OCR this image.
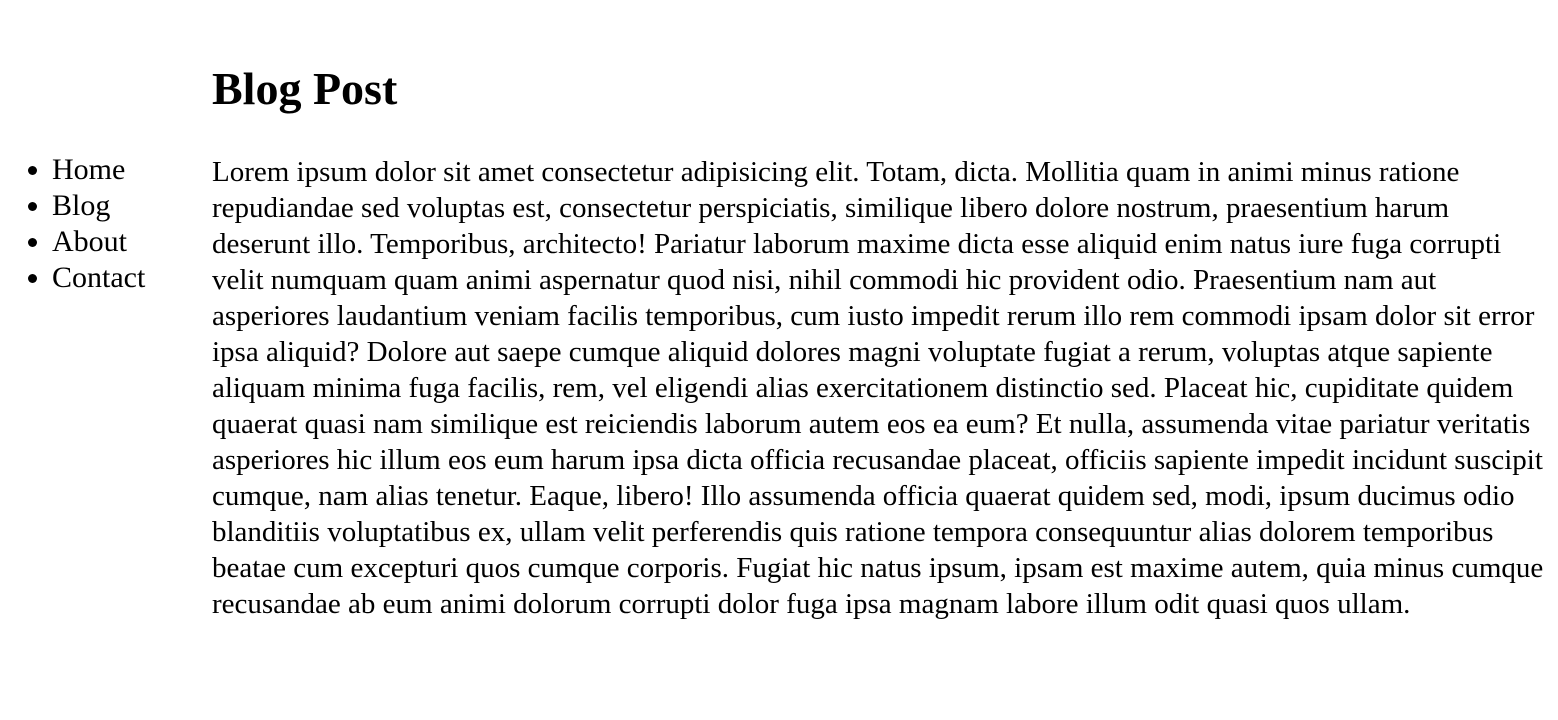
• Home
• Blog
• About
• Contact
Blog Post

Lorem ipsum dolor sit amet consectetur adipisicing elit. Totam, dicta. Mollitia quam in animi minus ratione repudiandae sed voluptas est, consectetur perspiciatis, similique libero dolore nostrum, praesentium harum deserunt illo. Temporibus, architecto! Pariatur laborum maxime dicta esse aliquid enim natus iure fuga corrupti velit numquam quam animi aspernatur quod nisi, nihil commodi hic provident odio. Praesentium nam aut asperiores laudantium veniam facilis temporibus, cum iusto impedit rerum illo rem commodi ipsam dolor sit error ipsa aliquid? Dolore aut saepe cumque aliquid dolores magni voluptate fugiat a rerum, voluptas atque sapiente aliquam minima fuga facilis, rem, vel eligendi alias exercitationem distinctio sed. Placeat hic, cupiditate quidem quaerat quasi nam similique est reiciendis laborum autem eos ea eum? Et nulla, assumenda vitae pariatur veritatis asperiores hic illum eos eum harum ipsa dicta officia recusandae placeat, officiis sapiente impedit incidunt suscipit cumque, nam alias tenetur. Eaque, libero! Illo assumenda officia quaerat quidem sed, modi, ipsum ducimus odio blanditiis voluptatibus ex, ullam velit perferendis quis ratione tempora consequuntur alias dolorem temporibus beatae cum excepturi quos cumque corporis. Fugiat hic natus ipsum, ipsam est maxime autem, quia minus cumque recusandae ab eum animi dolorum corrupti dolor fuga ipsa magnam labore illum odit quasi quos ullam.
